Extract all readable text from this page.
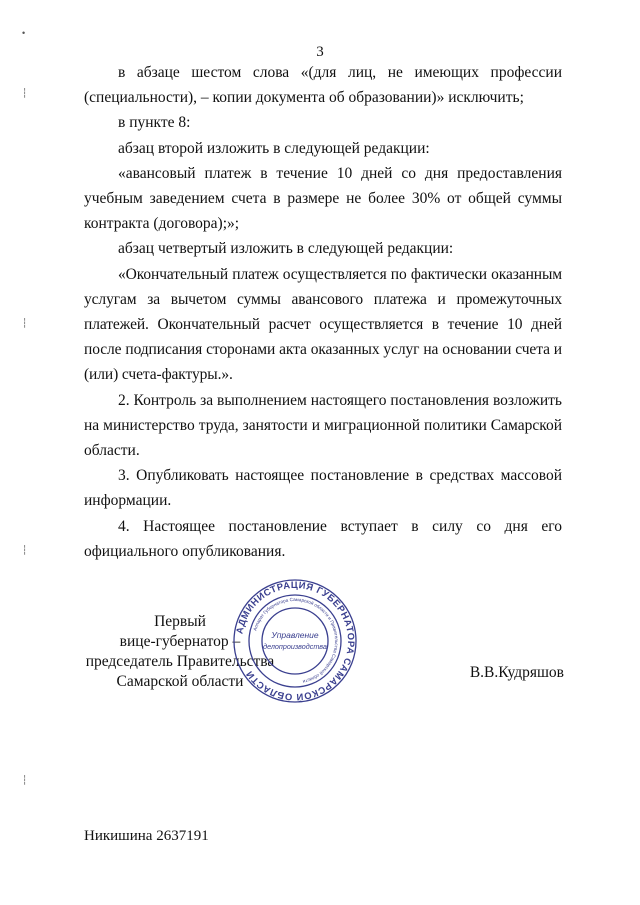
3

в абзаце шестом слова «(для лиц, не имеющих профессии (специальности), – копии документа об образовании)» исключить;

в пункте 8:

абзац второй изложить в следующей редакции:

«авансовый платеж в течение 10 дней со дня предоставления учебным заведением счета в размере не более 30% от общей суммы контракта (договора);»;

абзац четвертый изложить в следующей редакции:

«Окончательный платеж осуществляется по фактически оказанным услугам за вычетом суммы авансового платежа и промежуточных платежей. Окончательный расчет осуществляется в течение 10 дней после подписания сторонами акта оказанных услуг на основании счета и (или) счета-фактуры.».

2. Контроль за выполнением настоящего постановления возложить на министерство труда, занятости и миграционной политики Самарской области.

3. Опубликовать настоящее постановление в средствах массовой информации.

4. Настоящее постановление вступает в силу со дня его официального опубликования.

Первый
вице-губернатор –
председатель Правительства
Самарской области
АДМИНИСТРАЦИЯ ГУБЕРНАТОРА САМАРСКОЙ ОБЛАСТИ
Аппарат Губернатора Самарской области и Правительства Самарской области
Управление
делопроизводства
В.В.Кудряшов
Никишина 2637191
•
┆
┆
┆
┆
